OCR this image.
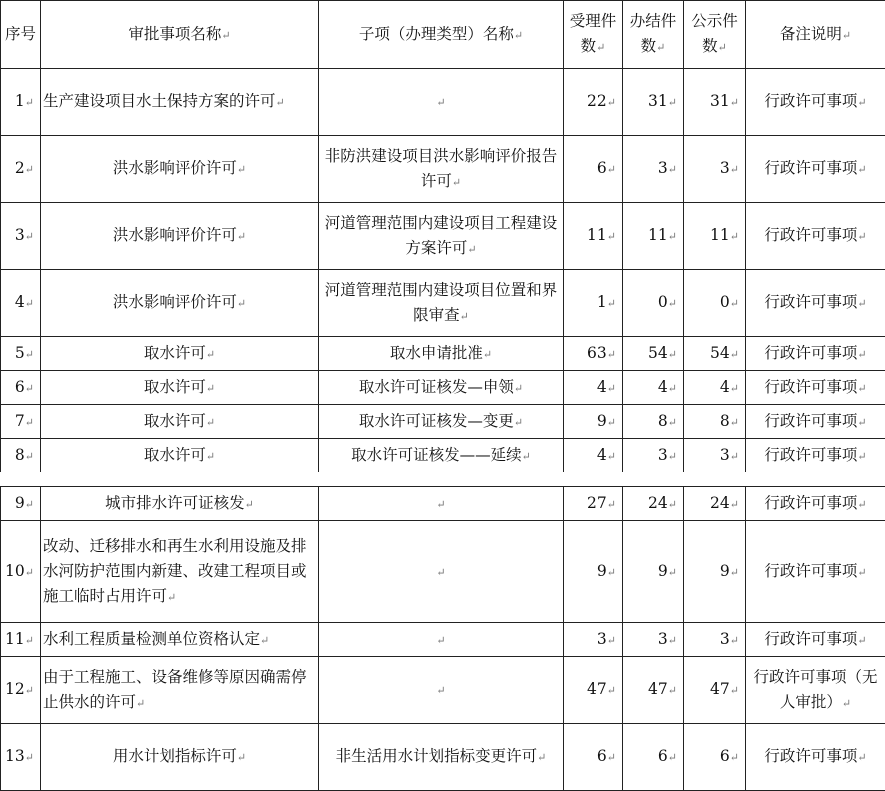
序号	审批事项名称↵	子项（办理类型）名称↵	受理件数↵	办结件数↵	公示件数↵	备注说明↵
1↵	生产建设项目水土保持方案的许可↵	↵	22↵	31↵	31↵	行政许可事项↵
2↵	洪水影响评价许可↵	非防洪建设项目洪水影响评价报告许可↵	6↵	3↵	3↵	行政许可事项↵
3↵	洪水影响评价许可↵	河道管理范围内建设项目工程建设方案许可↵	11↵	11↵	11↵	行政许可事项↵
4↵	洪水影响评价许可↵	河道管理范围内建设项目位置和界限审查↵	1↵	0↵	0↵	行政许可事项↵
5↵	取水许可↵	取水申请批准↵	63↵	54↵	54↵	行政许可事项↵
6↵	取水许可↵	取水许可证核发—申领↵	4↵	4↵	4↵	行政许可事项↵
7↵	取水许可↵	取水许可证核发—变更↵	9↵	8↵	8↵	行政许可事项↵
8↵	取水许可↵	取水许可证核发——延续↵	4↵	3↵	3↵	行政许可事项↵
9↵	城市排水许可证核发↵	↵	27↵	24↵	24↵	行政许可事项↵
10↵	改动、迁移排水和再生水利用设施及排水河防护范围内新建、改建工程项目或施工临时占用许可↵	↵	9↵	9↵	9↵	行政许可事项↵
11↵	水利工程质量检测单位资格认定↵	↵	3↵	3↵	3↵	行政许可事项↵
12↵	由于工程施工、设备维修等原因确需停止供水的许可↵	↵	47↵	47↵	47↵	行政许可事项（无人审批）↵
13↵	用水计划指标许可↵	非生活用水计划指标变更许可↵	6↵	6↵	6↵	行政许可事项↵
